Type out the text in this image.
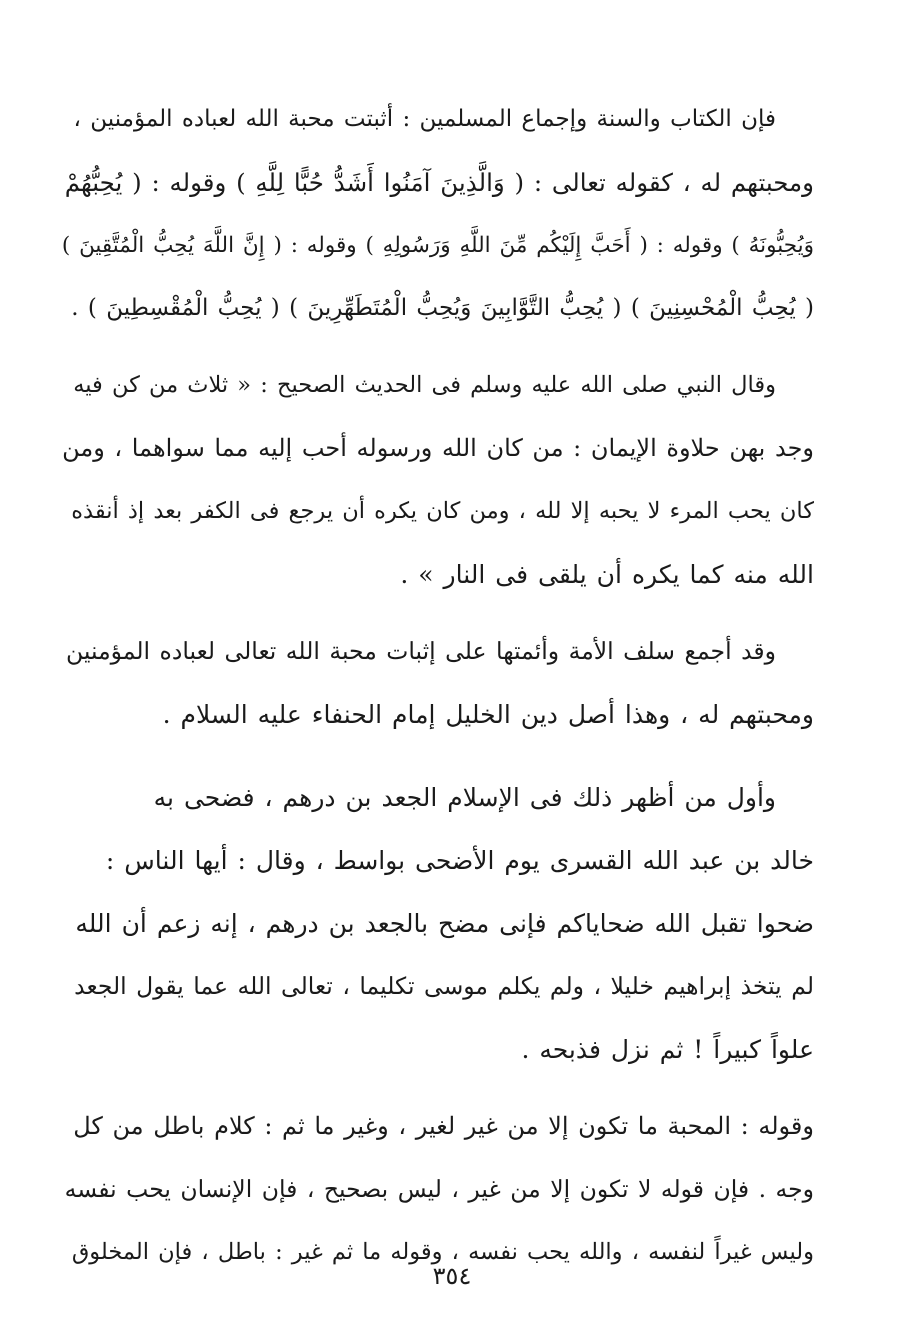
فإن الكتاب والسنة وإجماع المسلمين : أثبتت محبة الله لعباده المؤمنين ،
ومحبتهم له ، كقوله تعالى : ( وَالَّذِينَ آمَنُوا أَشَدُّ حُبًّا لِلَّهِ ) وقوله : ( يُحِبُّهُمْ
وَيُحِبُّونَهُ ) وقوله : ( أَحَبَّ إِلَيْكُم مِّنَ اللَّهِ وَرَسُولِهِ ) وقوله : ( إِنَّ اللَّهَ يُحِبُّ الْمُتَّقِينَ )
( يُحِبُّ الْمُحْسِنِينَ ) ( يُحِبُّ التَّوَّابِينَ وَيُحِبُّ الْمُتَطَهِّرِينَ ) ( يُحِبُّ الْمُقْسِطِينَ ) .
وقال النبي صلى الله عليه وسلم فى الحديث الصحيح : « ثلاث من كن فيه
وجد بهن حلاوة الإيمان : من كان الله ورسوله أحب إليه مما سواهما ، ومن
كان يحب المرء لا يحبه إلا لله ، ومن كان يكره أن يرجع فى الكفر بعد إذ أنقذه
الله منه كما يكره أن يلقى فى النار » .
وقد أجمع سلف الأمة وأئمتها على إثبات محبة الله تعالى لعباده المؤمنين
ومحبتهم له ، وهذا أصل دين الخليل إمام الحنفاء عليه السلام .
وأول من أظهر ذلك فى الإسلام الجعد بن درهم ، فضحى به
خالد بن عبد الله القسرى يوم الأضحى بواسط ، وقال : أيها الناس :
ضحوا تقبل الله ضحاياكم فإنى مضح بالجعد بن درهم ، إنه زعم أن الله
لم يتخذ إبراهيم خليلا ، ولم يكلم موسى تكليما ، تعالى الله عما يقول الجعد
علواً كبيراً ! ثم نزل فذبحه .
وقوله : المحبة ما تكون إلا من غير لغير ، وغير ما ثم : كلام باطل من كل
وجه . فإن قوله لا تكون إلا من غير ، ليس بصحيح ، فإن الإنسان يحب نفسه
وليس غيراً لنفسه ، والله يحب نفسه ، وقوله ما ثم غير : باطل ، فإن المخلوق
٣٥٤
